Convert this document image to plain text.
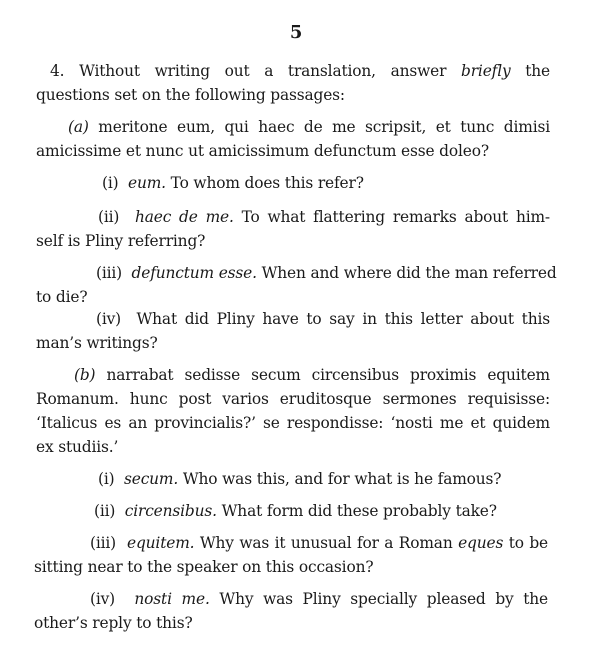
5
4. Without writing out a translation, answer briefly the
questions set on the following passages:
(a) meritone eum, qui haec de me scripsit, et tunc dimisi
amicissime et nunc ut amicissimum defunctum esse doleo?
(i) eum. To whom does this refer?
(ii) haec de me. To what flattering remarks about him-
self is Pliny referring?
(iii) defunctum esse. When and where did the man referred
to die?
(iv) What did Pliny have to say in this letter about this
man’s writings?
(b) narrabat sedisse secum circensibus proximis equitem
Romanum. hunc post varios eruditosque sermones requisisse:
‘Italicus es an provincialis?’ se respondisse: ‘nosti me et quidem
ex studiis.’
(i) secum. Who was this, and for what is he famous?
(ii) circensibus. What form did these probably take?
(iii) equitem. Why was it unusual for a Roman eques to be
sitting near to the speaker on this occasion?
(iv) nosti me. Why was Pliny specially pleased by the
other’s reply to this?
